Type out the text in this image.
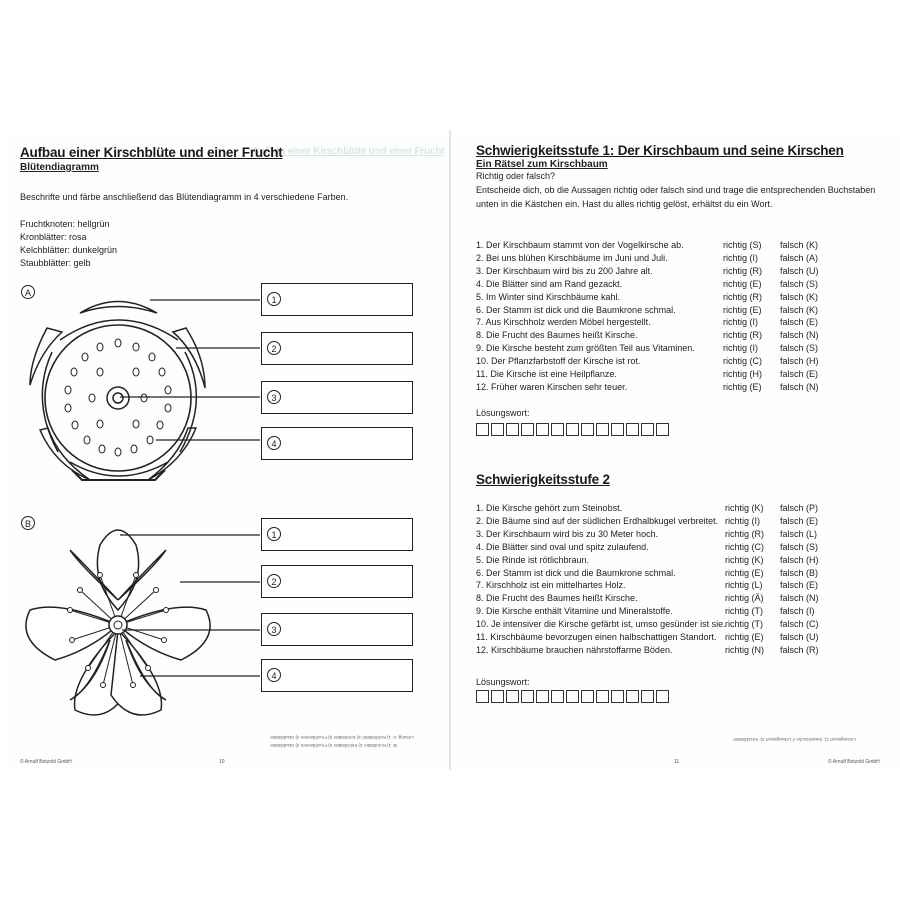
Aufbau einer Kirschblüte und einer Frucht
Aufbau einer Kirschblüte und einer Frucht
Blütendiagramm
Beschrifte und färbe anschließend das Blütendiagramm in 4 verschiedene Farben.
Fruchtknoten: hellgrün
Kronblätter: rosa
Kelchblätter: dunkelgrün
Staubblätter: gelb
A
1
2
3
4
B
1
2
3
4
Lösung: A: 1) Kelchblätter 2) Kronblätter 3) Fruchtknoten 4) Staubblätter
B: 1) Kronblätter 2) Kelchblätter 3) Fruchtknoten 4) Staubblätter
© Arnulf Betzold GmbH	10
Schwierigkeitsstufe 1: Der Kirschbaum und seine Kirschen
Ein Rätsel zum Kirschbaum
Richtig oder falsch?
Entscheide dich, ob die Aussagen richtig oder falsch sind und trage die entsprechenden Buchstaben
unten in die Kästchen ein. Hast du alles richtig gelöst, erhältst du ein Wort.
1. Der Kirschbaum stammt von der Vogelkirsche ab.	richtig (S) falsch (K)
2. Bei uns blühen Kirschbäume im Juni und Juli.	richtig (I) falsch (A)
3. Der Kirschbaum wird bis zu 200 Jahre alt.	richtig (R) falsch (U)
4. Die Blätter sind am Rand gezackt.	richtig (E) falsch (S)
5. Im Winter sind Kirschbäume kahl.	richtig (R) falsch (K)
6. Der Stamm ist dick und die Baumkrone schmal.	richtig (E) falsch (K)
7. Aus Kirschholz werden Möbel hergestellt.	richtig (I) falsch (E)
8. Die Frucht des Baumes heißt Kirsche.	richtig (R) falsch (N)
9. Die Kirsche besteht zum größten Teil aus Vitaminen.	richtig (I) falsch (S)
10. Der Pflanzfarbstoff der Kirsche ist rot.	richtig (C) falsch (H)
11. Die Kirsche ist eine Heilpflanze.	richtig (H) falsch (E)
12. Früher waren Kirschen sehr teuer.	richtig (E) falsch (N)
Lösungswort:
Schwierigkeitsstufe 2
1. Die Kirsche gehört zum Steinobst.	richtig (K) falsch (P)
2. Die Bäume sind auf der südlichen Erdhalbkugel verbreitet. richtig (I) falsch (E)
3. Der Kirschbaum wird bis zu 30 Meter hoch.	richtig (R) falsch (L)
4. Die Blätter sind oval und spitz zulaufend.	richtig (C) falsch (S)
5. Die Rinde ist rötlichbraun.	richtig (K) falsch (H)
6. Der Stamm ist dick und die Baumkrone schmal.	richtig (E) falsch (B)
7. Kirschholz ist ein mittelhartes Holz.	richtig (L) falsch (E)
8. Die Frucht des Baumes heißt Kirsche.	richtig (Ä) falsch (N)
9. Die Kirsche enthält Vitamine und Mineralstoffe.	richtig (T) falsch (I)
10. Je intensiver die Kirsche gefärbt ist, umso gesünder ist sie. richtig (T) falsch (C)
11. Kirschbäume bevorzugen einen halbschattigen Standort. richtig (E) falsch (U)
12. Kirschbäume brauchen nährstoffarme Böden.	richtig (N) falsch (R)
Lösungswort:
Lösungswort 1): Sauerkirsche // Lösungswort 2): Kirschblätter
11	© Arnulf Betzold GmbH
